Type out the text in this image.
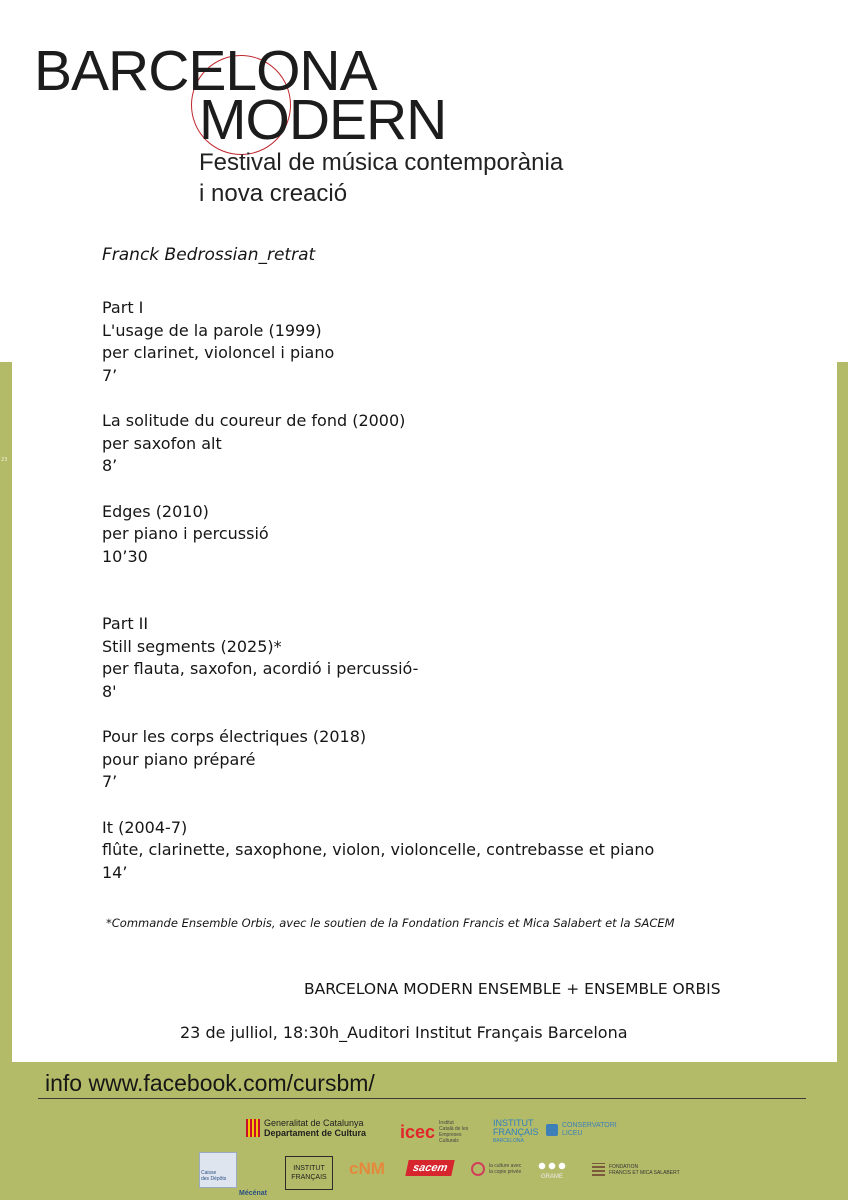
23
BARCELONA
MODERN
Festival de música contemporània
i nova creació
Franck Bedrossian_retrat
Part I
L'usage de la parole (1999)
per clarinet, violoncel i piano
7’
La solitude du coureur de fond (2000)
per saxofon alt
8’
Edges (2010)
per piano i percussió
10’30
Part II
Still segments (2025)*
per flauta, saxofon, acordió i percussió-
8'
Pour les corps électriques (2018)
pour piano préparé
7’
It (2004-7)
flûte, clarinette, saxophone, violon, violoncelle, contrebasse et piano
14’
*Commande Ensemble Orbis, avec le soutien de la Fondation Francis et Mica Salabert et la SACEM
BARCELONA MODERN ENSEMBLE + ENSEMBLE ORBIS
23 de julliol, 18:30h_Auditori Institut Français Barcelona
info www.facebook.com/cursbm/
Generalitat de Catalunya
Departament de Cultura icec Institut
Català de les
Empreses
Culturals
INSTITUT
FRANÇAIS
BARCELONA
CONSERVATORI
LICEU
Caisse
des Dépôts
Mécénat
INSTITUT
FRANÇAIS cNM	sacem	la culture avec
la copie privée
GRAME
FONDATION
FRANCIS ET MICA SALABERT
